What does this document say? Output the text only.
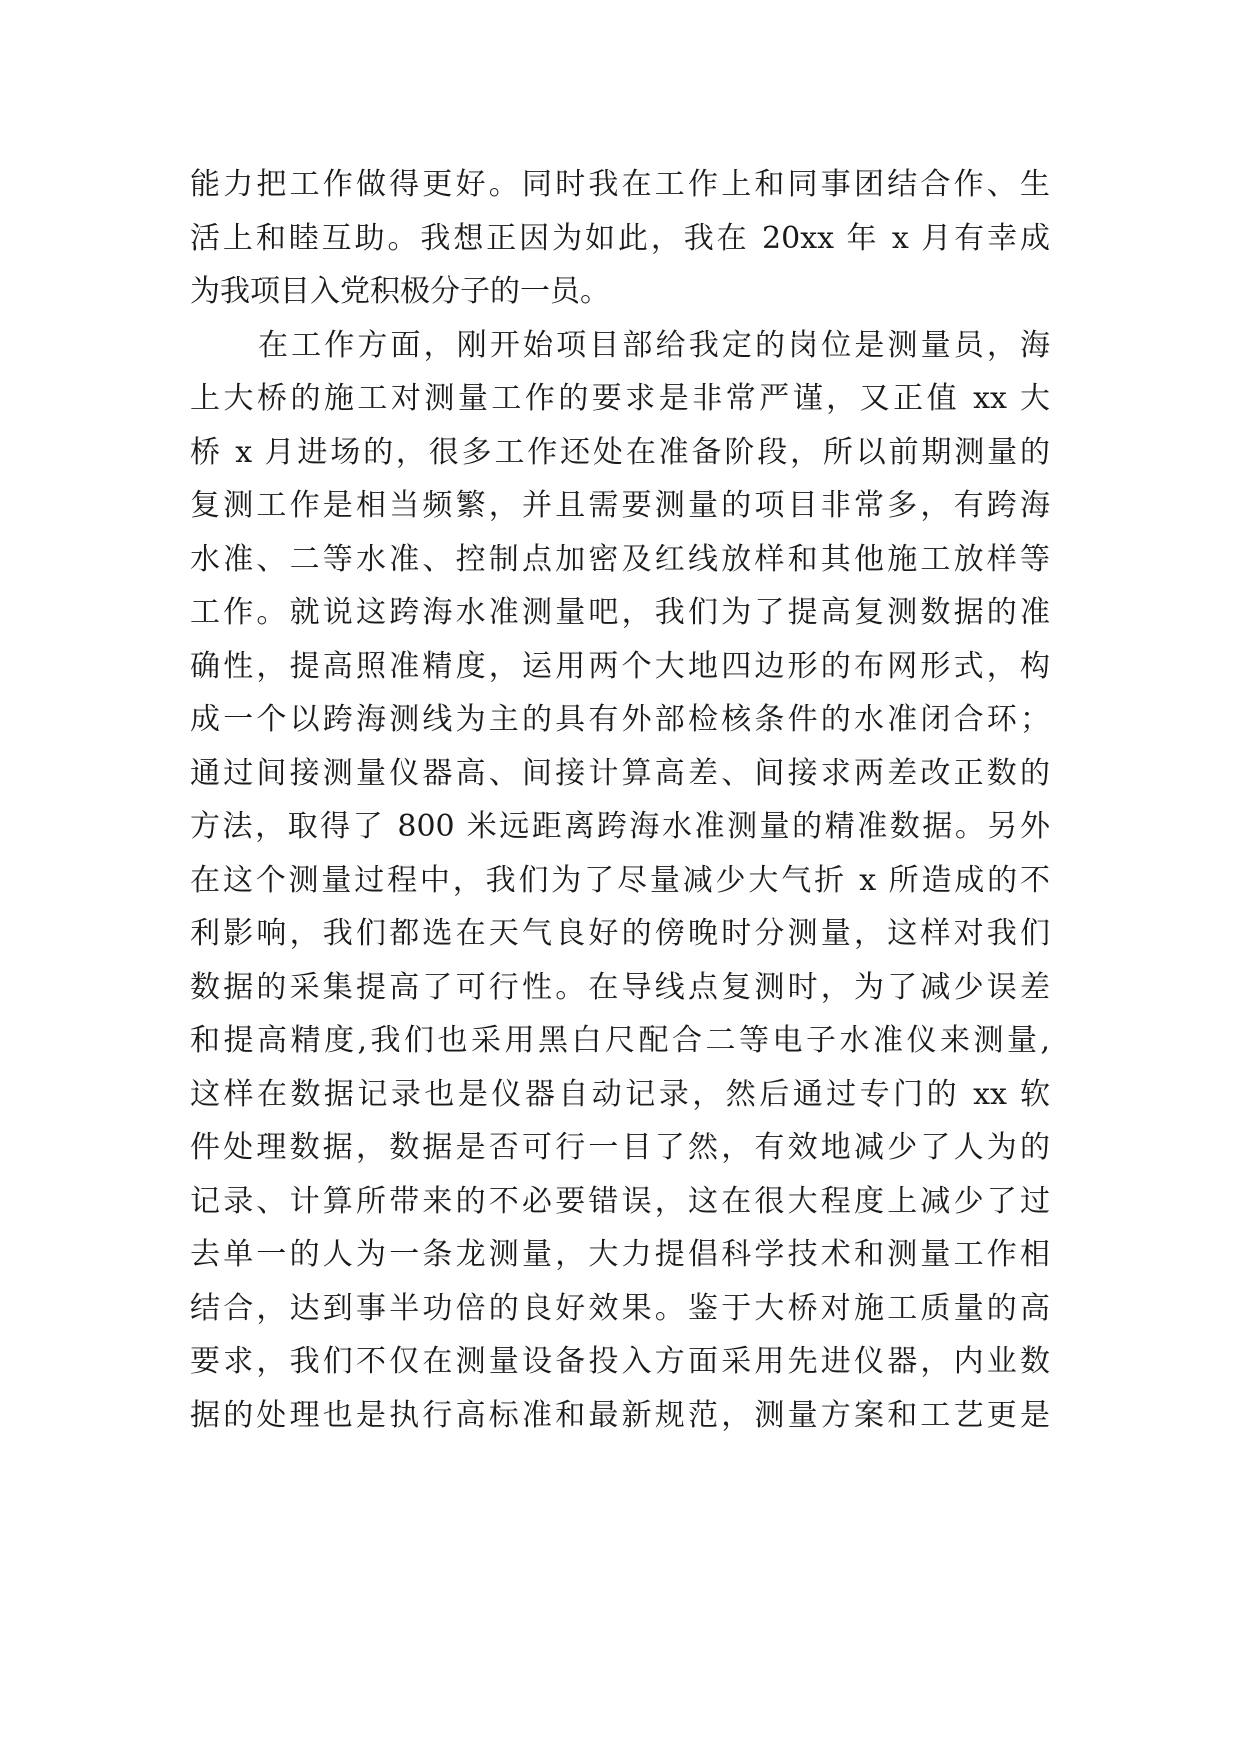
能力把工作做得更好。同时我在工作上和同事团结合作、生
活上和睦互助。我想正因为如此，我在 20xx 年 x 月有幸成
为我项目入党积极分子的一员。
在工作方面，刚开始项目部给我定的岗位是测量员，海
上大桥的施工对测量工作的要求是非常严谨，又正值 xx 大
桥 x 月进场的，很多工作还处在准备阶段，所以前期测量的
复测工作是相当频繁，并且需要测量的项目非常多，有跨海
水准、二等水准、控制点加密及红线放样和其他施工放样等
工作。就说这跨海水准测量吧，我们为了提高复测数据的准
确性，提高照准精度，运用两个大地四边形的布网形式，构
成一个以跨海测线为主的具有外部检核条件的水准闭合环；
通过间接测量仪器高、间接计算高差、间接求两差改正数的
方法，取得了 800 米远距离跨海水准测量的精准数据。另外
在这个测量过程中，我们为了尽量减少大气折 x 所造成的不
利影响，我们都选在天气良好的傍晚时分测量，这样对我们
数据的采集提高了可行性。在导线点复测时，为了减少误差
和提高精度,我们也采用黑白尺配合二等电子水准仪来测量,
这样在数据记录也是仪器自动记录，然后通过专门的 xx 软
件处理数据，数据是否可行一目了然，有效地减少了人为的
记录、计算所带来的不必要错误，这在很大程度上减少了过
去单一的人为一条龙测量，大力提倡科学技术和测量工作相
结合，达到事半功倍的良好效果。鉴于大桥对施工质量的高
要求，我们不仅在测量设备投入方面采用先进仪器，内业数
据的处理也是执行高标准和最新规范，测量方案和工艺更是
